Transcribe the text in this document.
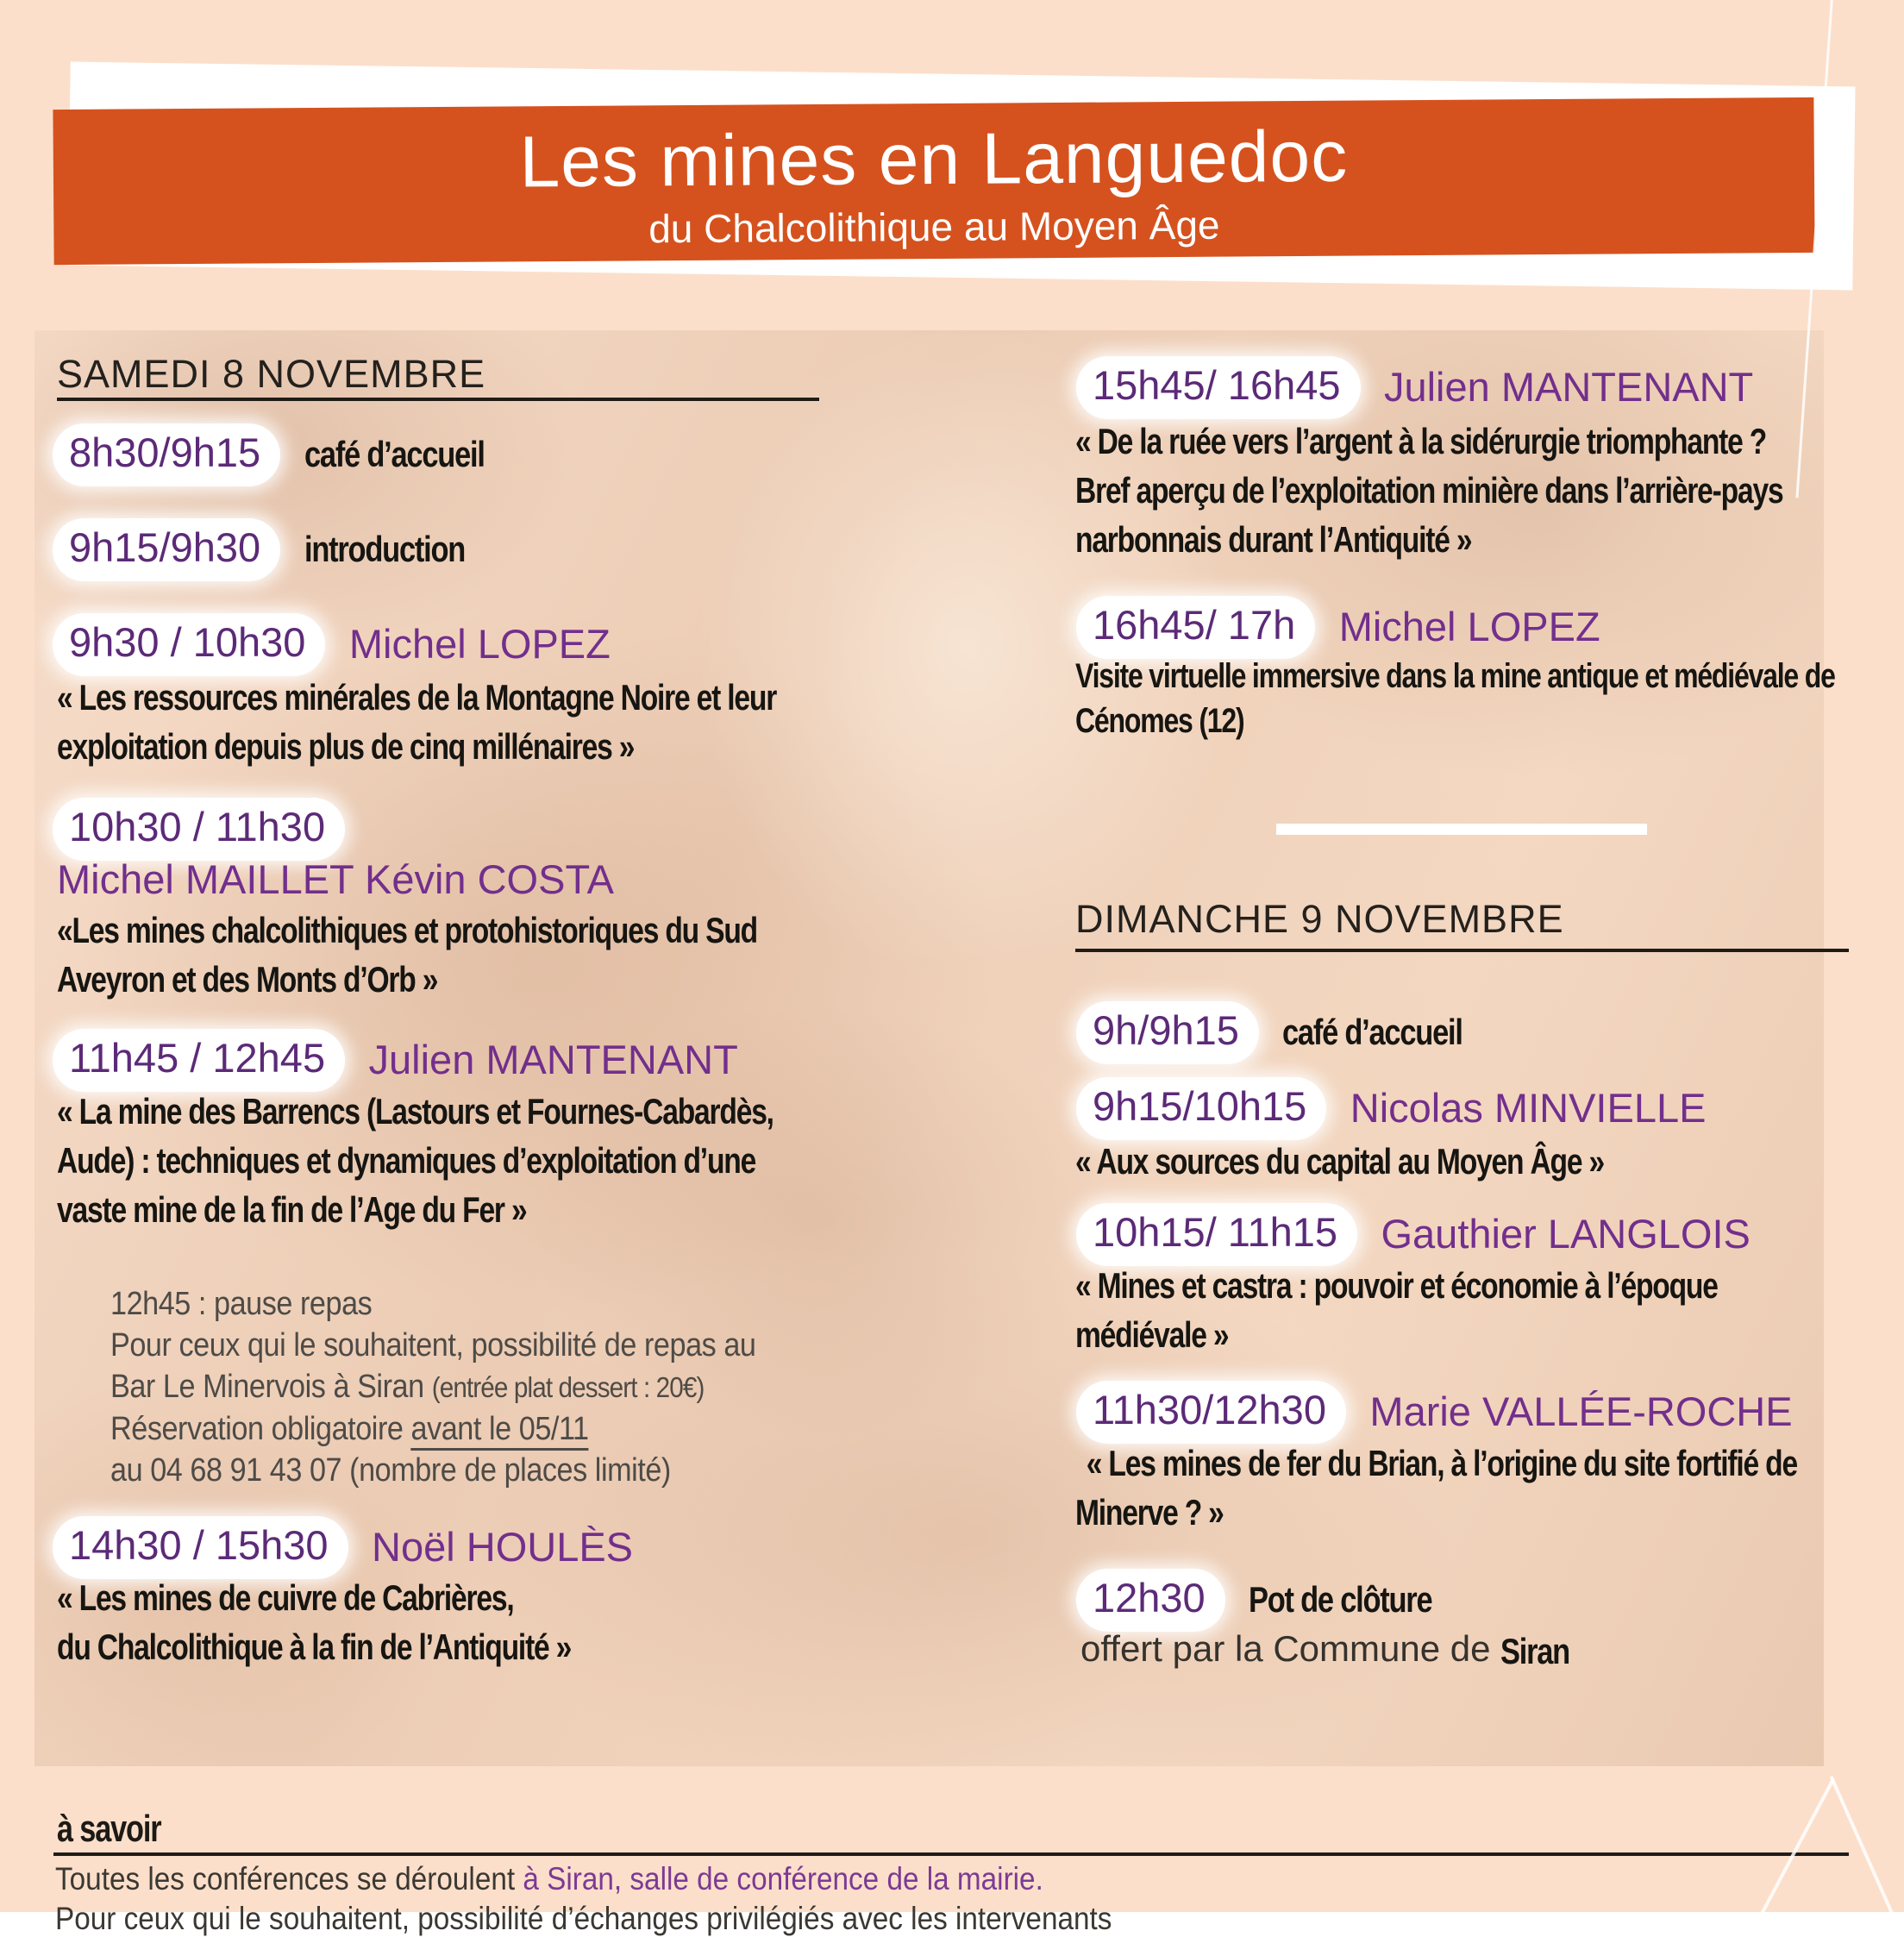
Les mines en Languedoc
du Chalcolithique au Moyen Âge
SAMEDI 8 NOVEMBRE
8h30/9h15 café d’accueil
9h15/9h30 introduction
9h30 / 10h30 Michel LOPEZ
« Les ressources minérales de la Montagne Noire et leur
exploitation depuis plus de cinq millénaires »
10h30 / 11h30
Michel MAILLET Kévin COSTA
«Les mines chalcolithiques et protohistoriques du Sud
Aveyron et des Monts d’Orb »
11h45 / 12h45 Julien MANTENANT
« La mine des Barrencs (Lastours et Fournes-Cabardès,
Aude) : techniques et dynamiques d’exploitation d’une
vaste mine de la fin de l’Age du Fer »
12h45 : pause repas
Pour ceux qui le souhaitent, possibilité de repas au
Bar Le Minervois à Siran (entrée plat dessert : 20€)
Réservation obligatoire avant le 05/11
au 04 68 91 43 07 (nombre de places limité)
14h30 / 15h30 Noël HOULÈS
« Les mines de cuivre de Cabrières,
du Chalcolithique à la fin de l’Antiquité »
15h45/ 16h45 Julien MANTENANT
« De la ruée vers l’argent à la sidérurgie triomphante ?
Bref aperçu de l’exploitation minière dans l’arrière-pays
narbonnais durant l’Antiquité »
16h45/ 17h Michel LOPEZ
Visite virtuelle immersive dans la mine antique et médiévale de
Cénomes (12)
DIMANCHE 9 NOVEMBRE
9h/9h15 café d’accueil
9h15/10h15 Nicolas MINVIELLE
« Aux sources du capital au Moyen Âge »
10h15/ 11h15 Gauthier LANGLOIS
« Mines et castra : pouvoir et économie à l’époque
médiévale »
11h30/12h30 Marie VALLÉE-ROCHE
« Les mines de fer du Brian, à l’origine du site fortifié de
Minerve ? »
12h30 Pot de clôture
offert par la Commune de Siran
à savoir
Toutes les conférences se déroulent à Siran, salle de conférence de la mairie.
Pour ceux qui le souhaitent, possibilité d’échanges privilégiés avec les intervenants
